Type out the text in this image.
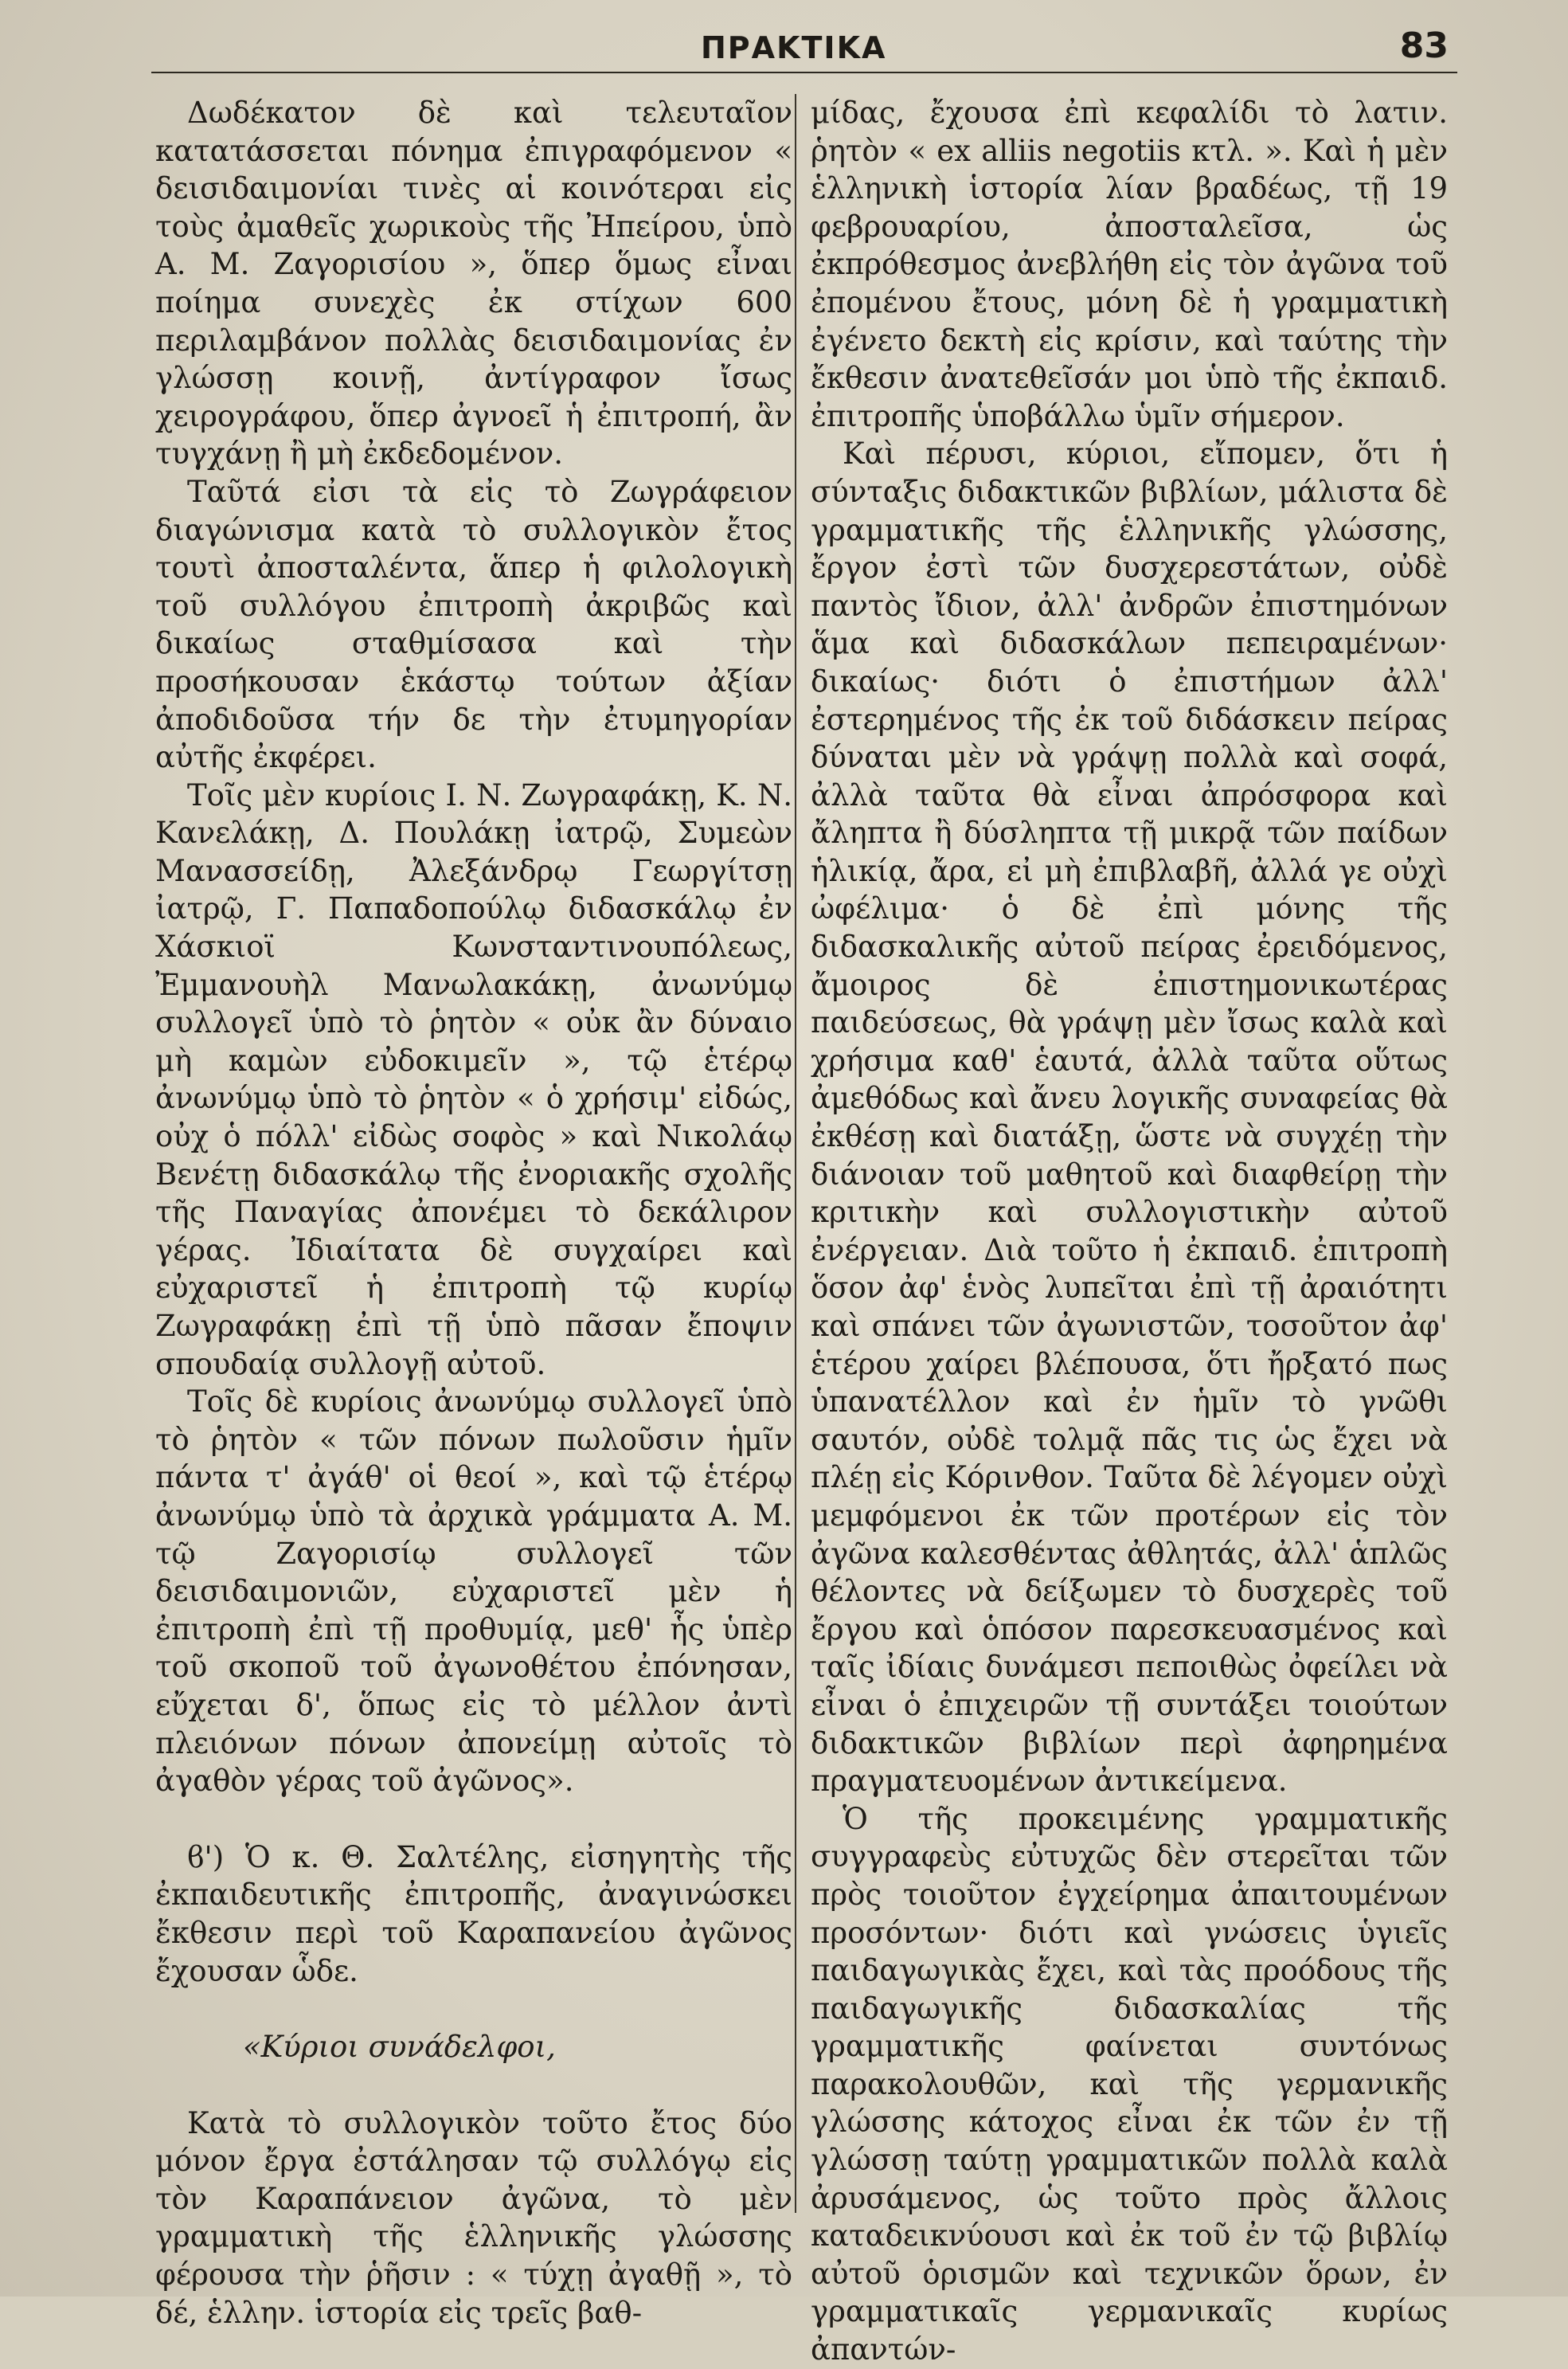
ΠΡΑΚΤΙΚΑ	83

Δωδέκατον δὲ καὶ τελευταῖον κατατάσσεται πόνημα ἐπιγραφόμενον « δεισιδαιμονίαι τινὲς αἱ κοινότεραι εἰς τοὺς ἀμαθεῖς χωρικοὺς τῆς Ἠπείρου, ὑπὸ Α. Μ. Ζαγορισίου », ὅπερ ὅμως εἶναι ποίημα συνεχὲς ἐκ στίχων 600 περιλαμβάνον πολλὰς δεισιδαιμονίας ἐν γλώσσῃ κοινῇ, ἀντίγραφον ἴσως χειρογράφου, ὅπερ ἀγνοεῖ ἡ ἐπιτροπή, ἂν τυγχάνῃ ἢ μὴ ἐκδεδομένον.

Ταῦτά εἰσι τὰ εἰς τὸ Ζωγράφειον διαγώνισμα κατὰ τὸ συλλογικὸν ἔτος τουτὶ ἀποσταλέντα, ἅπερ ἡ φιλολογικὴ τοῦ συλλόγου ἐπιτροπὴ ἀκριβῶς καὶ δικαίως σταθμίσασα καὶ τὴν προσήκουσαν ἑκάστῳ τούτων ἀξίαν ἀποδιδοῦσα τήν δε τὴν ἐτυμηγορίαν αὐτῆς ἐκφέρει.

Τοῖς μὲν κυρίοις Ι. Ν. Ζωγραφάκῃ, Κ. Ν. Κανελάκῃ, Δ. Πουλάκῃ ἰατρῷ, Συμεὼν Μανασσείδῃ, Ἀλεξάνδρῳ Γεωργίτσῃ ἰατρῷ, Γ. Παπαδοπούλῳ διδασκάλῳ ἐν Χάσκιοϊ Κωνσταντινουπόλεως, Ἐμμανουὴλ Μανωλακάκῃ, ἀνωνύμῳ συλλογεῖ ὑπὸ τὸ ῥητὸν « οὐκ ἂν δύναιο μὴ καμὼν εὐδοκιμεῖν », τῷ ἑτέρῳ ἀνωνύμῳ ὑπὸ τὸ ῥητὸν « ὁ χρήσιμ' εἰδώς, οὐχ ὁ πόλλ' εἰδὼς σοφὸς » καὶ Νικολάῳ Βενέτῃ διδασκάλῳ τῆς ἐνοριακῆς σχολῆς τῆς Παναγίας ἀπονέμει τὸ δεκάλιρον γέρας. Ἰδιαίτατα δὲ συγχαίρει καὶ εὐχαριστεῖ ἡ ἐπιτροπὴ τῷ κυρίῳ Ζωγραφάκῃ ἐπὶ τῇ ὑπὸ πᾶσαν ἔποψιν σπουδαίᾳ συλλογῇ αὐτοῦ.

Τοῖς δὲ κυρίοις ἀνωνύμῳ συλλογεῖ ὑπὸ τὸ ῥητὸν « τῶν πόνων πωλοῦσιν ἡμῖν πάντα τ' ἀγάθ' οἱ θεοί », καὶ τῷ ἑτέρῳ ἀνωνύμῳ ὑπὸ τὰ ἀρχικὰ γράμματα Α. Μ. τῷ Ζαγορισίῳ συλλογεῖ τῶν δεισιδαιμονιῶν, εὐχαριστεῖ μὲν ἡ ἐπιτροπὴ ἐπὶ τῇ προθυμίᾳ, μεθ' ἧς ὑπὲρ τοῦ σκοποῦ τοῦ ἀγωνοθέτου ἐπόνησαν, εὔχεται δ', ὅπως εἰς τὸ μέλλον ἀντὶ πλειόνων πόνων ἀπονείμῃ αὐτοῖς τὸ ἀγαθὸν γέρας τοῦ ἀγῶνος».

ϐ') Ὁ κ. Θ. Σαλτέλης, εἰσηγητὴς τῆς ἐκπαιδευτικῆς ἐπιτροπῆς, ἀναγινώσκει ἔκθεσιν περὶ τοῦ Καραπανείου ἀγῶνος ἔχουσαν ὧδε.

«Κύριοι συνάδελφοι,

Κατὰ τὸ συλλογικὸν τοῦτο ἔτος δύο μόνον ἔργα ἐστάλησαν τῷ συλλόγῳ εἰς τὸν Καραπάνειον ἀγῶνα, τὸ μὲν γραμματικὴ τῆς ἑλληνικῆς γλώσσης φέρουσα τὴν ῥῆσιν : « τύχῃ ἀγαθῇ », τὸ δέ, ἑλλην. ἱστορία εἰς τρεῖς βαθ-

μίδας, ἔχουσα ἐπὶ κεφαλίδι τὸ λατιν. ῥητὸν « ex alliis negotiis κτλ. ». Καὶ ἡ μὲν ἑλληνικὴ ἱστορία λίαν βραδέως, τῇ 19 φεβρουαρίου, ἀποσταλεῖσα, ὡς ἐκπρόθεσμος ἀνεβλήθη εἰς τὸν ἀγῶνα τοῦ ἐπομένου ἔτους, μόνη δὲ ἡ γραμματικὴ ἐγένετο δεκτὴ εἰς κρίσιν, καὶ ταύτης τὴν ἔκθεσιν ἀνατεθεῖσάν μοι ὑπὸ τῆς ἐκπαιδ. ἐπιτροπῆς ὑποβάλλω ὑμῖν σήμερον.

Καὶ πέρυσι, κύριοι, εἴπομεν, ὅτι ἡ σύνταξις διδακτικῶν βιβλίων, μάλιστα δὲ γραμματικῆς τῆς ἑλληνικῆς γλώσσης, ἔργον ἐστὶ τῶν δυσχερεστάτων, οὐδὲ παντὸς ἴδιον, ἀλλ' ἀνδρῶν ἐπιστημόνων ἅμα καὶ διδασκάλων πεπειραμένων· δικαίως· διότι ὁ ἐπιστήμων ἀλλ' ἐστερημένος τῆς ἐκ τοῦ διδάσκειν πείρας δύναται μὲν νὰ γράψῃ πολλὰ καὶ σοφά, ἀλλὰ ταῦτα θὰ εἶναι ἀπρόσφορα καὶ ἄληπτα ἢ δύσληπτα τῇ μικρᾷ τῶν παίδων ἡλικίᾳ, ἄρα, εἰ μὴ ἐπιβλαβῆ, ἀλλά γε οὐχὶ ὠφέλιμα· ὁ δὲ ἐπὶ μόνης τῆς διδασκαλικῆς αὐτοῦ πείρας ἐρειδόμενος, ἄμοιρος δὲ ἐπιστημονικωτέρας παιδεύσεως, θὰ γράψῃ μὲν ἴσως καλὰ καὶ χρήσιμα καθ' ἑαυτά, ἀλλὰ ταῦτα οὕτως ἀμεθόδως καὶ ἄνευ λογικῆς συναφείας θὰ ἐκθέσῃ καὶ διατάξῃ, ὥστε νὰ συγχέῃ τὴν διάνοιαν τοῦ μαθητοῦ καὶ διαφθείρῃ τὴν κριτικὴν καὶ συλλογιστικὴν αὐτοῦ ἐνέργειαν. Διὰ τοῦτο ἡ ἐκπαιδ. ἐπιτροπὴ ὅσον ἀφ' ἑνὸς λυπεῖται ἐπὶ τῇ ἀραιότητι καὶ σπάνει τῶν ἀγωνιστῶν, τοσοῦτον ἀφ' ἑτέρου χαίρει βλέπουσα, ὅτι ἤρξατό πως ὑπανατέλλον καὶ ἐν ἡμῖν τὸ γνῶθι σαυτόν, οὐδὲ τολμᾷ πᾶς τις ὡς ἔχει νὰ πλέῃ εἰς Κόρινθον. Ταῦτα δὲ λέγομεν οὐχὶ μεμφόμενοι ἐκ τῶν προτέρων εἰς τὸν ἀγῶνα καλεσθέντας ἀθλητάς, ἀλλ' ἁπλῶς θέλοντες νὰ δείξωμεν τὸ δυσχερὲς τοῦ ἔργου καὶ ὁπόσον παρεσκευασμένος καὶ ταῖς ἰδίαις δυνάμεσι πεποιθὼς ὀφείλει νὰ εἶναι ὁ ἐπιχειρῶν τῇ συντάξει τοιούτων διδακτικῶν βιβλίων περὶ ἀφηρημένα πραγματευομένων ἀντικείμενα.

Ὁ τῆς προκειμένης γραμματικῆς συγγραφεὺς εὐτυχῶς δὲν στερεῖται τῶν πρὸς τοιοῦτον ἐγχείρημα ἀπαιτουμένων προσόντων· διότι καὶ γνώσεις ὑγιεῖς παιδαγωγικὰς ἔχει, καὶ τὰς προόδους τῆς παιδαγωγικῆς διδασκαλίας τῆς γραμματικῆς φαίνεται συντόνως παρακολουθῶν, καὶ τῆς γερμανικῆς γλώσσης κάτοχος εἶναι ἐκ τῶν ἐν τῇ γλώσσῃ ταύτῃ γραμματικῶν πολλὰ καλὰ ἀρυσάμενος, ὡς τοῦτο πρὸς ἄλλοις καταδεικνύουσι καὶ ἐκ τοῦ ἐν τῷ βιβλίῳ αὐτοῦ ὁρισμῶν καὶ τεχνικῶν ὅρων, ἐν γραμματικαῖς γερμανικαῖς κυρίως ἀπαντών-
